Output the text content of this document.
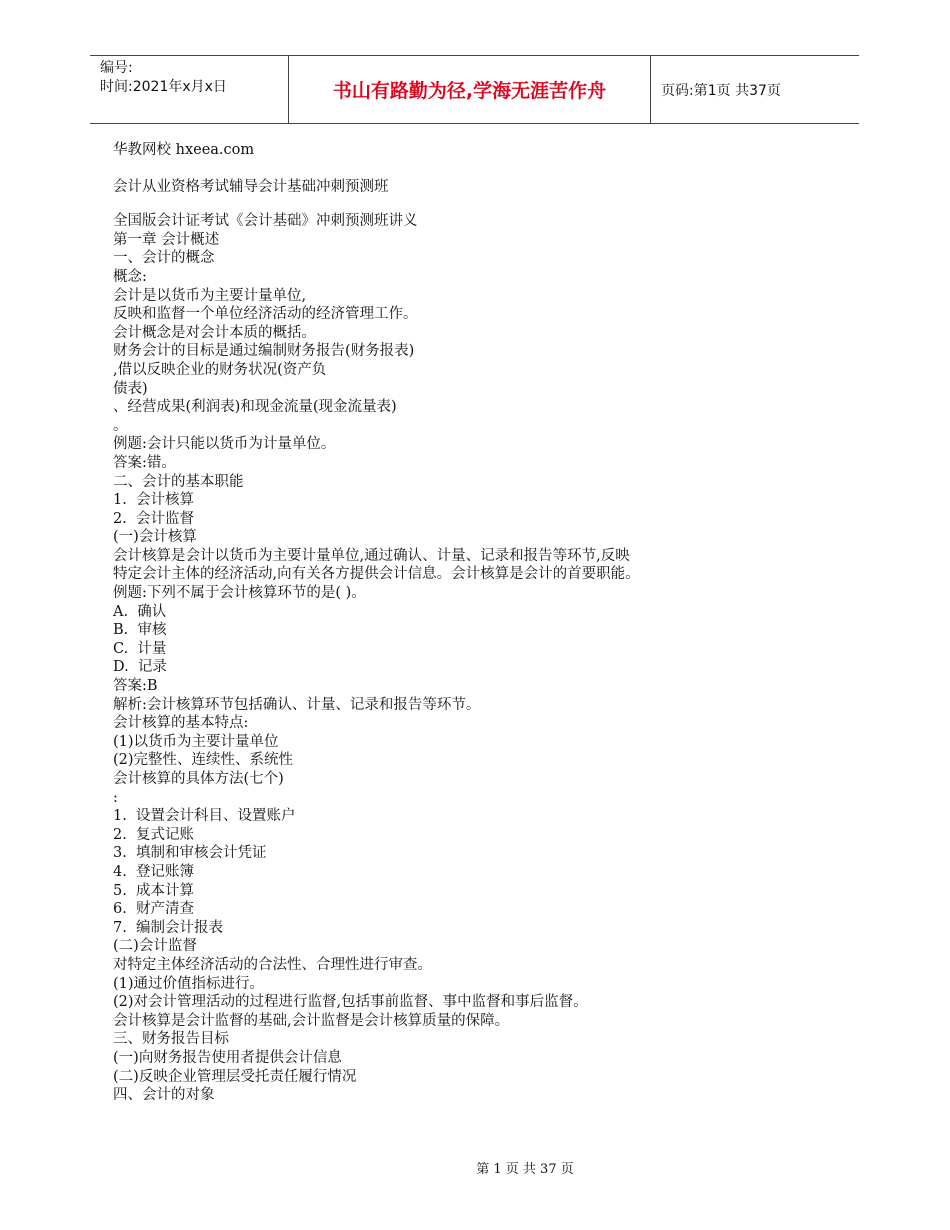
编号:
时间:2021年x月x日	书山有路勤为径,学海无涯苦作舟	页码:第1页 共37页
华教网校 hxeea.com
会计从业资格考试辅导会计基础冲刺预测班
全国版会计证考试《会计基础》冲刺预测班讲义
第一章 会计概述
一、会计的概念
概念:
会计是以货币为主要计量单位,
反映和监督一个单位经济活动的经济管理工作。
会计概念是对会计本质的概括。
财务会计的目标是通过编制财务报告(财务报表)
,借以反映企业的财务状况(资产负
债表)
、经营成果(利润表)和现金流量(现金流量表)
。
例题:会计只能以货币为计量单位。
答案:错。
二、会计的基本职能
1.  会计核算
2.  会计监督
(一)会计核算
会计核算是会计以货币为主要计量单位,通过确认、计量、记录和报告等环节,反映
特定会计主体的经济活动,向有关各方提供会计信息。会计核算是会计的首要职能。
例题:下列不属于会计核算环节的是( )。
A.  确认
B.  审核
C.  计量
D.  记录
答案:B
解析:会计核算环节包括确认、计量、记录和报告等环节。
会计核算的基本特点:
(1)以货币为主要计量单位
(2)完整性、连续性、系统性
会计核算的具体方法(七个)
:
1.  设置会计科目、设置账户
2.  复式记账
3.  填制和审核会计凭证
4.  登记账簿
5.  成本计算
6.  财产清查
7.  编制会计报表
(二)会计监督
对特定主体经济活动的合法性、合理性进行审查。
(1)通过价值指标进行。
(2)对会计管理活动的过程进行监督,包括事前监督、事中监督和事后监督。
会计核算是会计监督的基础,会计监督是会计核算质量的保障。
三、财务报告目标
(一)向财务报告使用者提供会计信息
(二)反映企业管理层受托责任履行情况
四、会计的对象
第 1 页 共 37 页
